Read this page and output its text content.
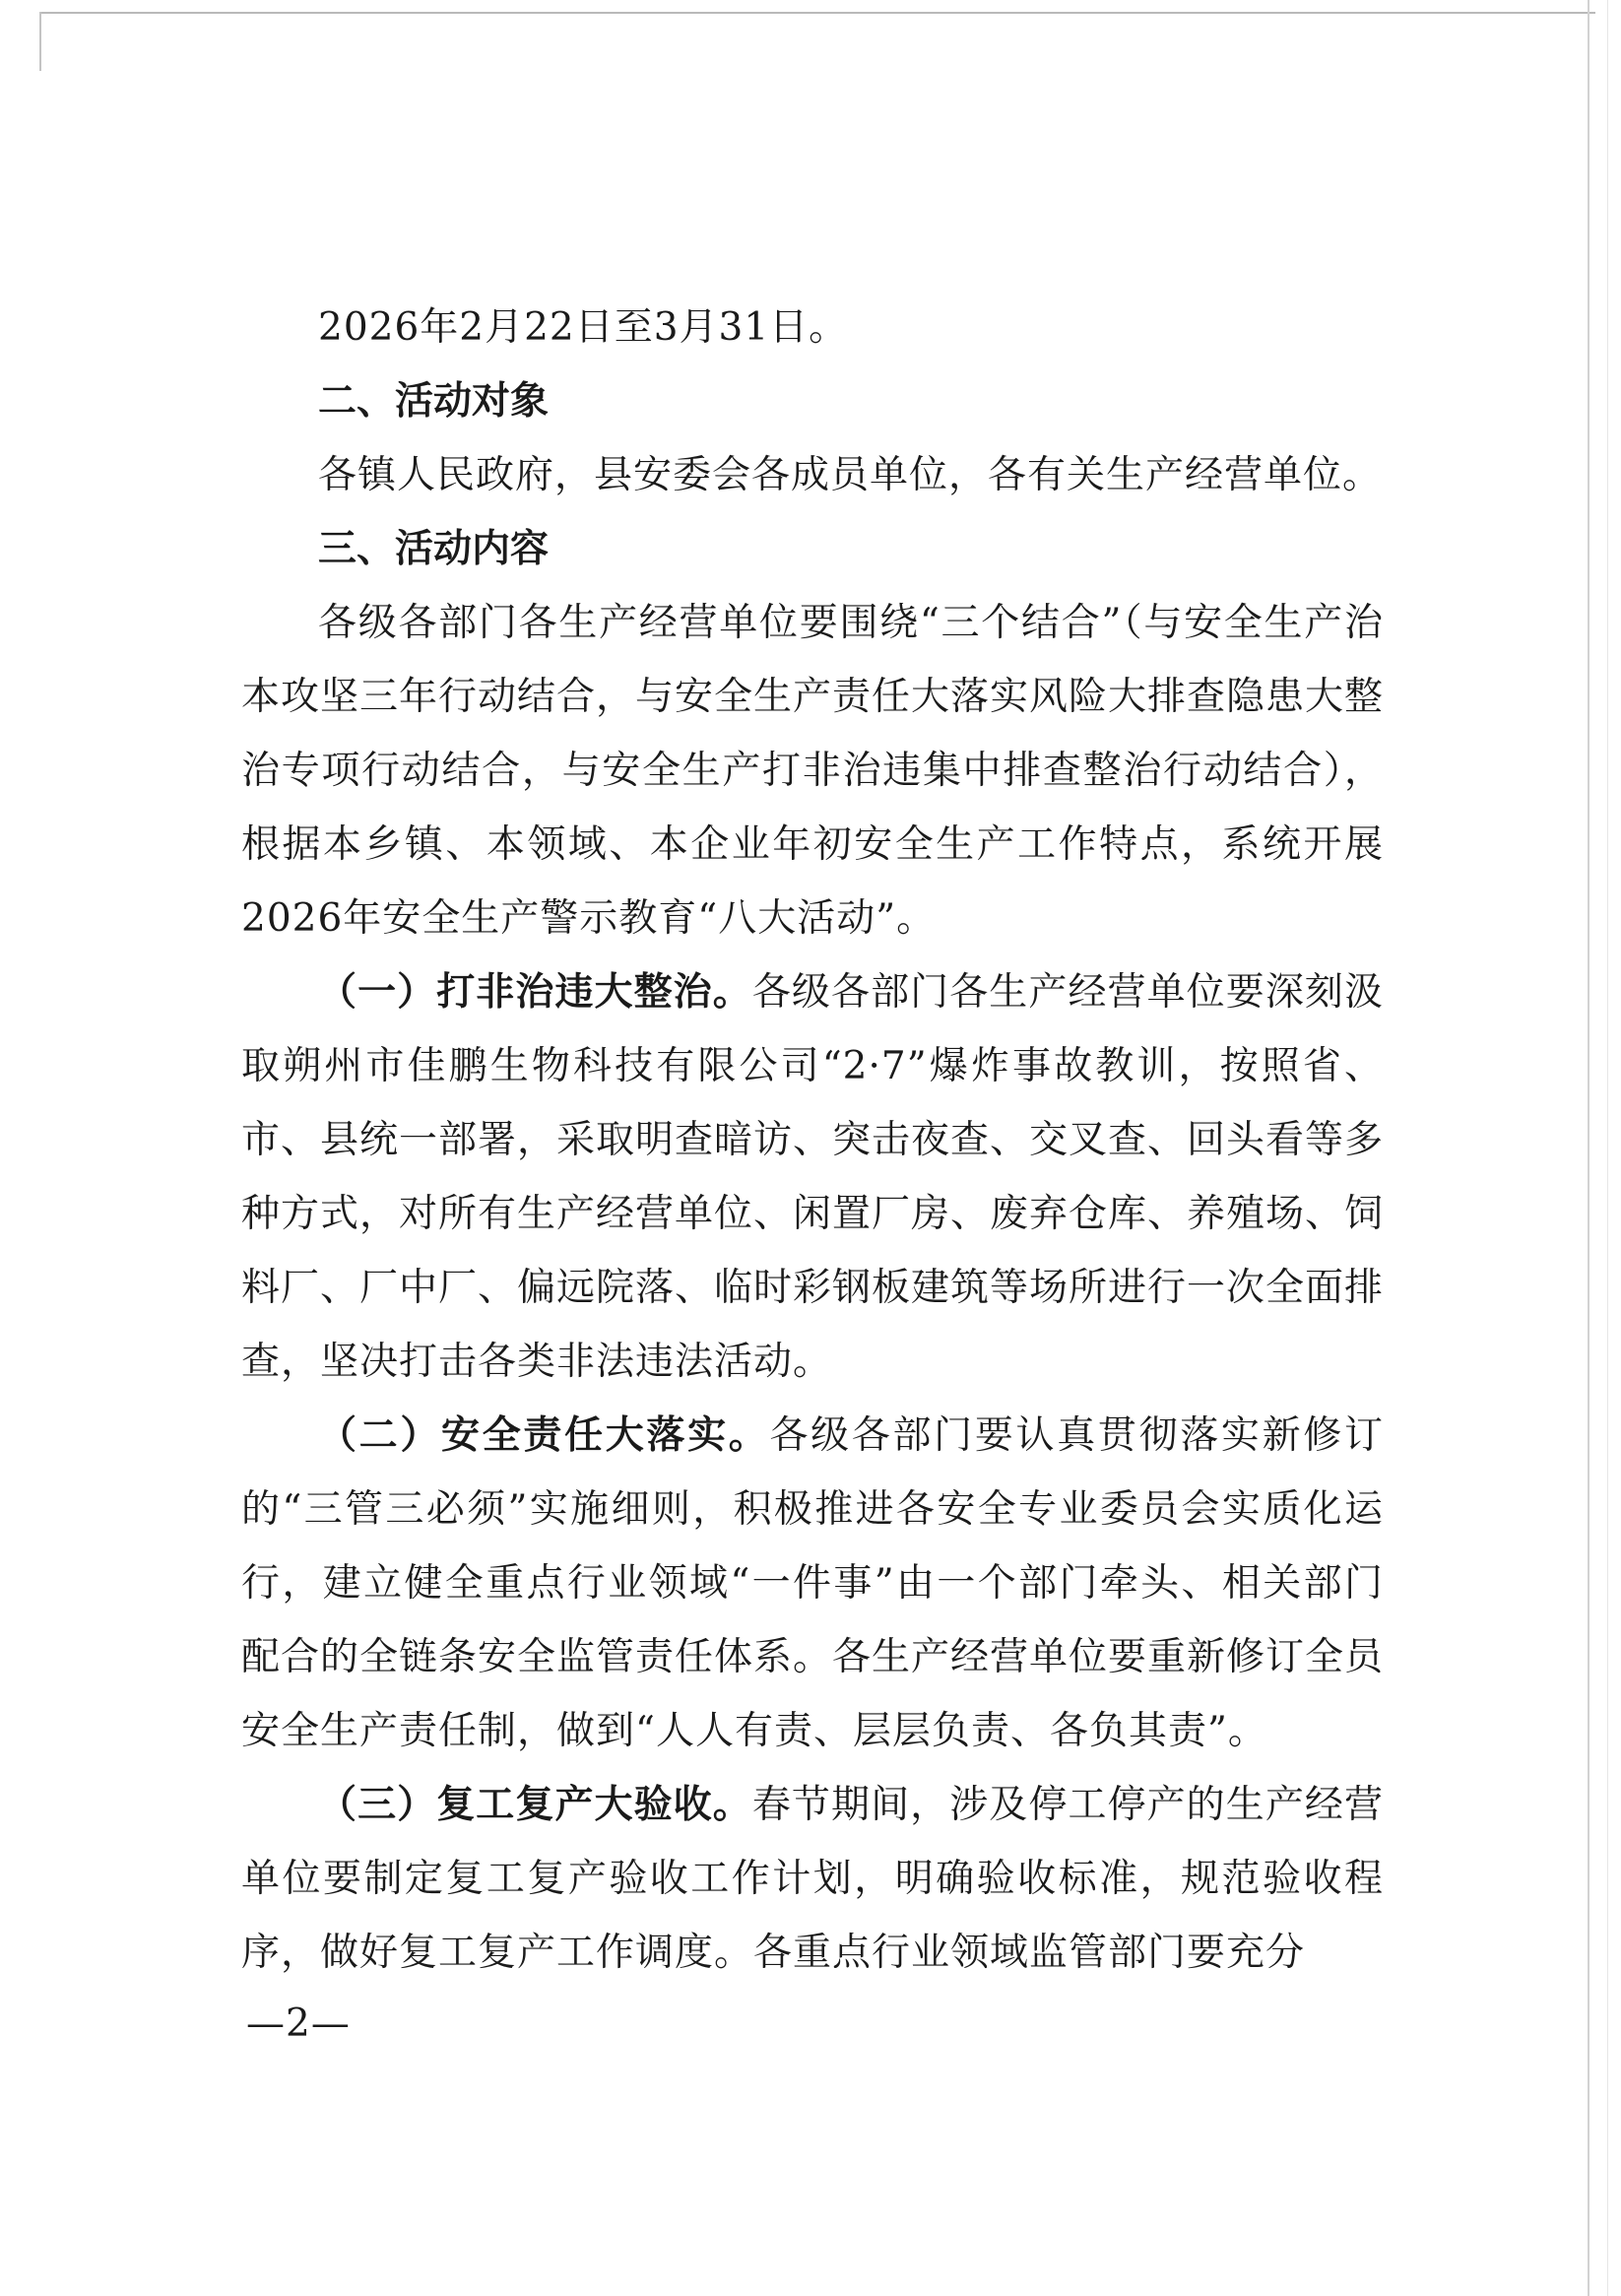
2026年2月22日至3月31日。

二、活动对象

各镇人民政府，县安委会各成员单位，各有关生产经营单位。

三、活动内容

各级各部门各生产经营单位要围绕“三个结合”（与安全生产治本攻坚三年行动结合，与安全生产责任大落实风险大排查隐患大整治专项行动结合，与安全生产打非治违集中排查整治行动结合），根据本乡镇、本领域、本企业年初安全生产工作特点，系统开展2026年安全生产警示教育“八大活动”。

（一）打非治违大整治。各级各部门各生产经营单位要深刻汲取朔州市佳鹏生物科技有限公司“2·7”爆炸事故教训，按照省、市、县统一部署，采取明查暗访、突击夜查、交叉查、回头看等多种方式，对所有生产经营单位、闲置厂房、废弃仓库、养殖场、饲料厂、厂中厂、偏远院落、临时彩钢板建筑等场所进行一次全面排查，坚决打击各类非法违法活动。

（二）安全责任大落实。各级各部门要认真贯彻落实新修订的“三管三必须”实施细则，积极推进各安全专业委员会实质化运行，建立健全重点行业领域“一件事”由一个部门牵头、相关部门配合的全链条安全监管责任体系。各生产经营单位要重新修订全员安全生产责任制，做到“人人有责、层层负责、各负其责”。

（三）复工复产大验收。春节期间，涉及停工停产的生产经营单位要制定复工复产验收工作计划，明确验收标准，规范验收程序，做好复工复产工作调度。各重点行业领域监管部门要充分

—2—
